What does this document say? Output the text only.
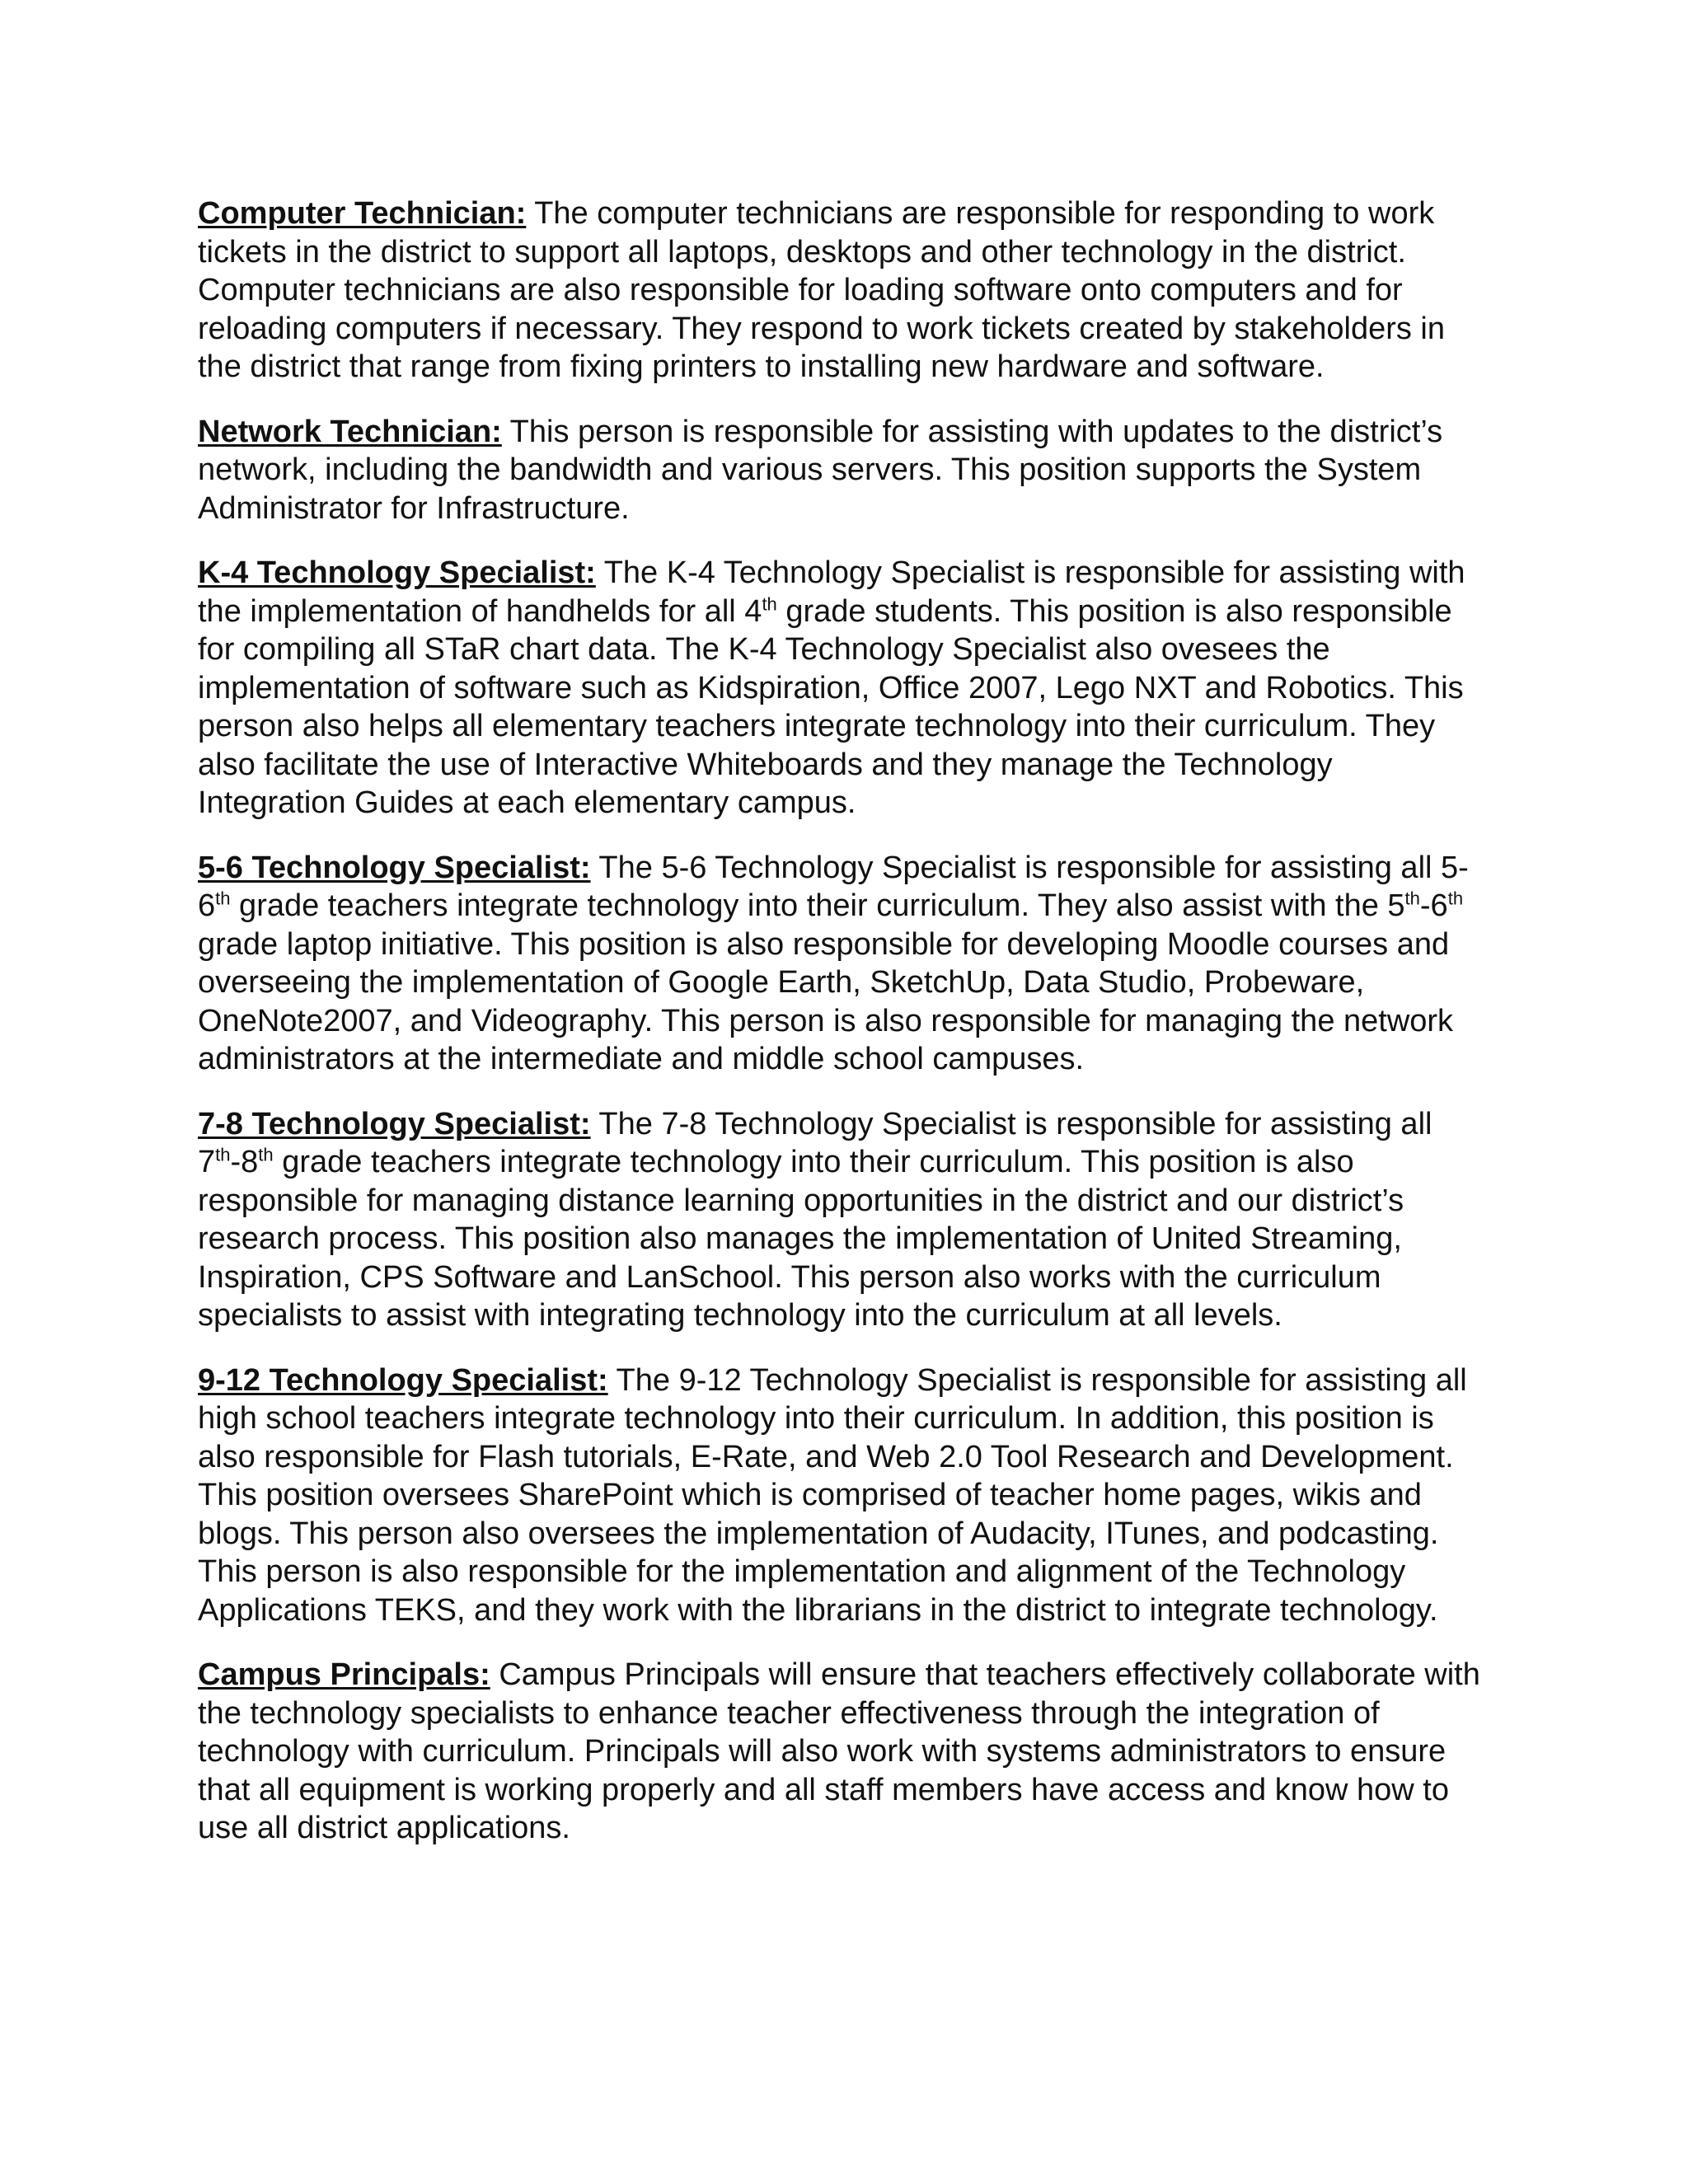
Computer Technician: The computer technicians are responsible for responding to work tickets in the district to support all laptops, desktops and other technology in the district. Computer technicians are also responsible for loading software onto computers and for reloading computers if necessary. They respond to work tickets created by stakeholders in the district that range from fixing printers to installing new hardware and software.

Network Technician: This person is responsible for assisting with updates to the district’s network, including the bandwidth and various servers. This position supports the System Administrator for Infrastructure.

K-4 Technology Specialist: The K-4 Technology Specialist is responsible for assisting with the implementation of handhelds for all 4th grade students. This position is also responsible for compiling all STaR chart data. The K-4 Technology Specialist also ovesees the implementation of software such as Kidspiration, Office 2007, Lego NXT and Robotics. This person also helps all elementary teachers integrate technology into their curriculum. They also facilitate the use of Interactive Whiteboards and they manage the Technology Integration Guides at each elementary campus.

5-6 Technology Specialist: The 5-6 Technology Specialist is responsible for assisting all 5-6th grade teachers integrate technology into their curriculum. They also assist with the 5th-6th grade laptop initiative. This position is also responsible for developing Moodle courses and overseeing the implementation of Google Earth, SketchUp, Data Studio, Probeware, OneNote2007, and Videography. This person is also responsible for managing the network administrators at the intermediate and middle school campuses.

7-8 Technology Specialist: The 7-8 Technology Specialist is responsible for assisting all 7th-8th grade teachers integrate technology into their curriculum. This position is also responsible for managing distance learning opportunities in the district and our district’s research process. This position also manages the implementation of United Streaming, Inspiration, CPS Software and LanSchool. This person also works with the curriculum specialists to assist with integrating technology into the curriculum at all levels.

9-12 Technology Specialist: The 9-12 Technology Specialist is responsible for assisting all high school teachers integrate technology into their curriculum. In addition, this position is also responsible for Flash tutorials, E-Rate, and Web 2.0 Tool Research and Development. This position oversees SharePoint which is comprised of teacher home pages, wikis and blogs. This person also oversees the implementation of Audacity, ITunes, and podcasting. This person is also responsible for the implementation and alignment of the Technology Applications TEKS, and they work with the librarians in the district to integrate technology.

Campus Principals: Campus Principals will ensure that teachers effectively collaborate with the technology specialists to enhance teacher effectiveness through the integration of technology with curriculum. Principals will also work with systems administrators to ensure that all equipment is working properly and all staff members have access and know how to use all district applications.
